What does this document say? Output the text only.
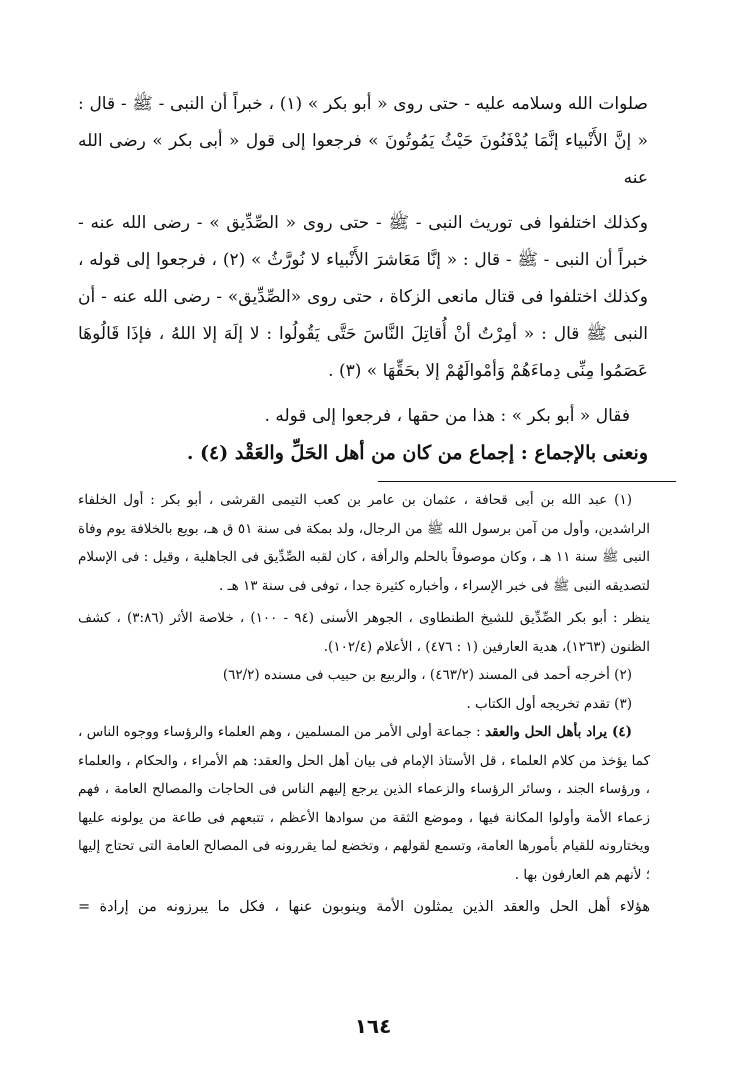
صلوات الله وسلامه عليه - حتى روى « أبو بكر » (١) ، خبراً أن النبى - ﷺ - قال : « إنَّ الأَنْبياء إنَّمَا يُدْفَنُونَ حَيْثُ يَمُوتُونَ » فرجعوا إلى قول « أبى بكر » رضى الله عنه

وكذلك اختلفوا فى توريث النبى - ﷺ - حتى روى « الصِّدِّيق » - رضى الله عنه - خبراً أن النبى - ﷺ - قال : « إنَّا مَعَاشرَ الأَنْبياء لا نُورَّثُ » (٢) ، فرجعوا إلى قوله ، وكذلك اختلفوا فى قتال مانعى الزكاة ، حتى روى «الصِّدِّيق» - رضى الله عنه - أن النبى ﷺ قال : « أمِرْتُ أنْ أُقاتِلَ النَّاسَ حَتَّى يَقُولُوا : لا إلَهَ إلا اللهُ ، فإذَا قَالُوهَا عَصَمُوا مِنِّى دِماءَهُمْ وَأمْوالَهُمْ إلا بحَقِّهَا » (٣) .

فقال « أبو بكر » : هذا من حقها ، فرجعوا إلى قوله .

ونعنى بالإجماع : إجماع من كان من أهل الحَلِّ والعَقْد (٤) .

(١) عبد الله بن أبى قحافة ، عثمان بن عامر بن كعب التيمى القرشى ، أبو بكر : أول الخلفاء الراشدين، وأول من آمن برسول الله ﷺ من الرجال، ولد بمكة فى سنة ٥١ ق هـ، بويع بالخلافة يوم وفاة النبى ﷺ سنة ١١ هـ ، وكان موصوفاً بالحلم والرأفة ، كان لقبه الصِّدِّيق فى الجاهلية ، وقيل : فى الإسلام لتصديقه النبى ﷺ فى خبر الإسراء ، وأخباره كثيرة جدا ، توفى فى سنة ١٣ هـ .

ينظر : أبو بكر الصِّدِّيق للشيخ الطنطاوى ، الجوهر الأسنى (٩٤ - ١٠٠) ، خلاصة الأثر (٣:٨٦) ، كشف الظنون (١٢٦٣)، هدية العارفين (١ : ٤٧٦) ، الأعلام (١٠٢/٤).

(٢) أخرجه أحمد فى المسند (٤٦٣/٢) ، والربيع بن حبيب فى مسنده (٦٢/٢)

(٣) تقدم تخريجه أول الكتاب .

(٤) يراد بأهل الحل والعقد : جماعة أولى الأمر من المسلمين ، وهم العلماء والرؤساء ووجوه الناس ، كما يؤخذ من كلام العلماء ، قل الأستاذ الإمام فى بيان أهل الحل والعقد: هم الأمراء ، والحكام ، والعلماء ، ورؤساء الجند ، وسائر الرؤساء والزعماء الذين يرجع إليهم الناس فى الحاجات والمصالح العامة ، فهم زعماء الأمة وأولوا المكانة فيها ، وموضع الثقة من سوادها الأعظم ، تتبعهم فى طاعة من يولونه عليها ويختارونه للقيام بأمورها العامة، وتسمع لقولهم ، وتخضع لما يقررونه فى المصالح العامة التى تحتاج إليها ؛ لأنهم هم العارفون بها .

هؤلاء أهل الحل والعقد الذين يمثلون الأمة وينوبون عنها ، فكل ما يبرزونه من إرادة =

١٦٤
